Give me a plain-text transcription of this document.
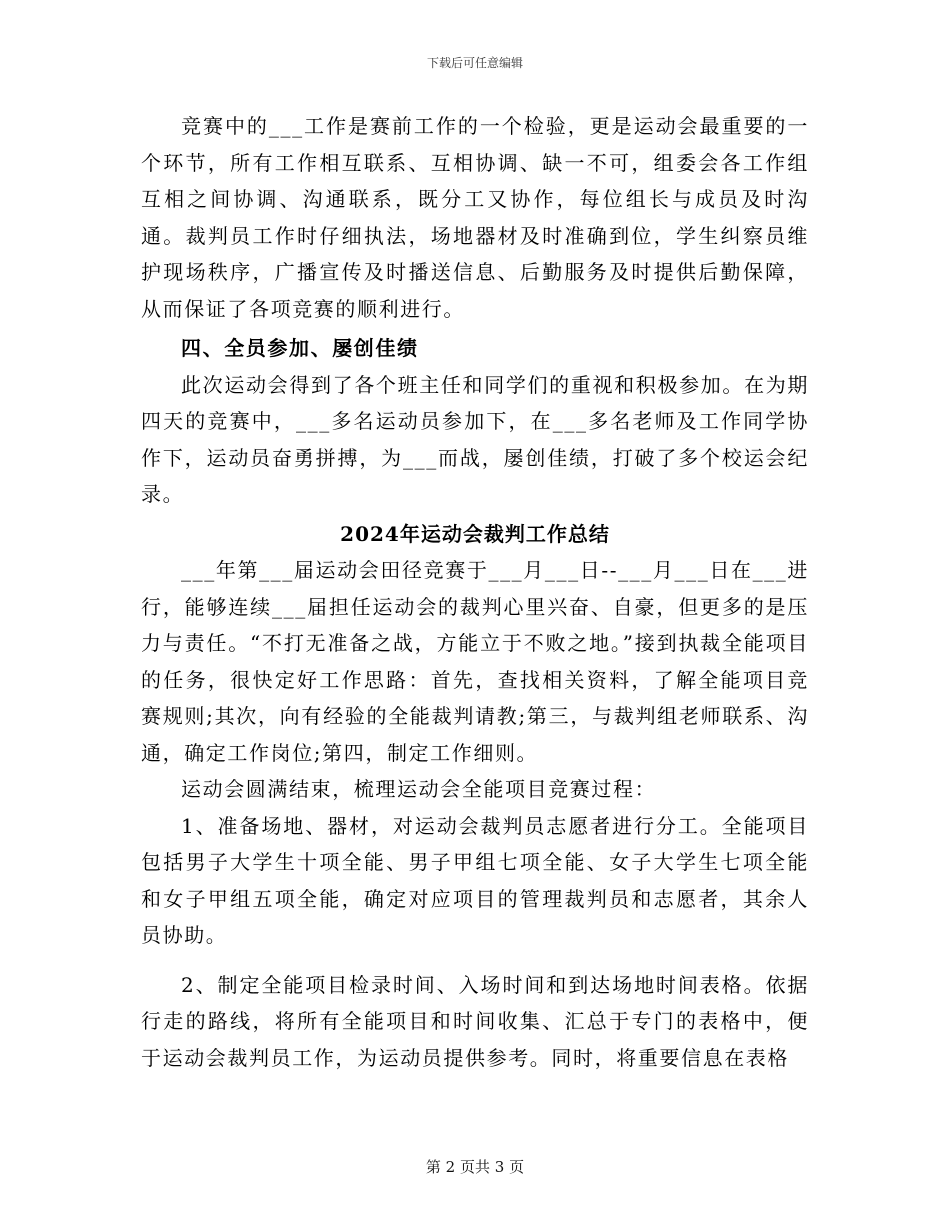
下载后可任意编辑

竞赛中的___工作是赛前工作的一个检验，更是运动会最重要的一个环节，所有工作相互联系、互相协调、缺一不可，组委会各工作组互相之间协调、沟通联系，既分工又协作，每位组长与成员及时沟通。裁判员工作时仔细执法，场地器材及时准确到位，学生纠察员维护现场秩序，广播宣传及时播送信息、后勤服务及时提供后勤保障，从而保证了各项竞赛的顺利进行。

四、全员参加、屡创佳绩

此次运动会得到了各个班主任和同学们的重视和积极参加。在为期四天的竞赛中，___多名运动员参加下，在___多名老师及工作同学协作下，运动员奋勇拼搏，为___而战，屡创佳绩，打破了多个校运会纪录。

2024年运动会裁判工作总结

___年第___届运动会田径竞赛于___月___日--___月___日在___进行，能够连续___届担任运动会的裁判心里兴奋、自豪，但更多的是压力与责任。“不打无准备之战，方能立于不败之地。”接到执裁全能项目的任务，很快定好工作思路：首先，查找相关资料，了解全能项目竞赛规则;其次，向有经验的全能裁判请教;第三，与裁判组老师联系、沟通，确定工作岗位;第四，制定工作细则。

运动会圆满结束，梳理运动会全能项目竞赛过程：

1、准备场地、器材，对运动会裁判员志愿者进行分工。全能项目包括男子大学生十项全能、男子甲组七项全能、女子大学生七项全能和女子甲组五项全能，确定对应项目的管理裁判员和志愿者，其余人员协助。

2、制定全能项目检录时间、入场时间和到达场地时间表格。依据行走的路线，将所有全能项目和时间收集、汇总于专门的表格中，便于运动会裁判员工作，为运动员提供参考。同时，将重要信息在表格

第 2 页共 3 页
